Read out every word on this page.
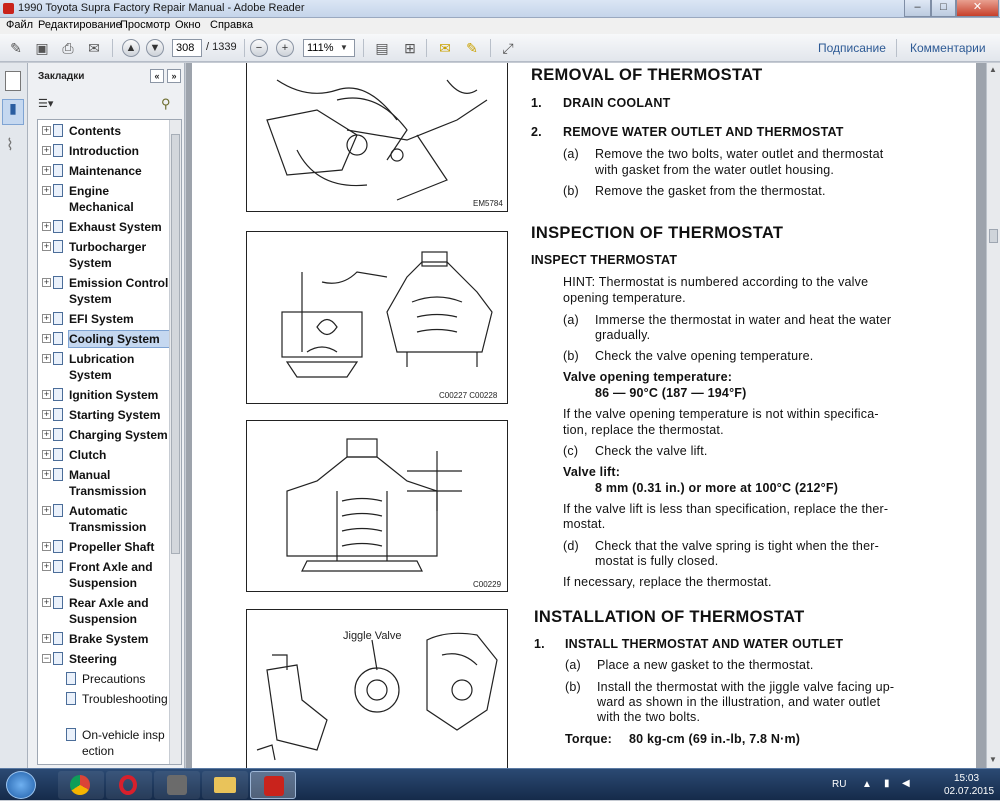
1990 Toyota Supra Factory Repair Manual - Adobe Reader	–	□	✕
Файл Редактирование
Просмотр Окно Справка
✎ ▣ ⎙	✉	▲	▼	308	/ 1339	−	+	111% ▼ ▤ ⊞ ✉ ✎	⤢	Подписание Комментарии
▮
⌇
Закладки	«	»
☰▾	⚲
+ Contents
+ Introduction
+ Maintenance
+ Engine Mechanical
+ Exhaust System
+ Turbocharger System
+ Emission Control System
+ EFI System
+ Cooling System
+ Lubrication System
+ Ignition System
+ Starting System
+ Charging System
+ Clutch
+ Manual Transmission
+ Automatic Transmission
+ Propeller Shaft
+ Front Axle and Suspension
+ Rear Axle and Suspension
+ Brake System
− Steering
Precautions
Troubleshooting
On-vehicle inspection
EM5784
C00227 C00228
C00229
Jiggle Valve
REMOVAL OF THERMOSTAT
1. DRAIN COOLANT
2. REMOVE WATER OUTLET AND THERMOSTAT
(a) Remove the two bolts, water outlet and thermostat
with gasket from the water outlet housing.
(b) Remove the gasket from the thermostat.
INSPECTION OF THERMOSTAT
INSPECT THERMOSTAT
HINT: Thermostat is numbered according to the valve
opening temperature.
(a) Immerse the thermostat in water and heat the water
gradually.
(b) Check the valve opening temperature.
Valve opening temperature:
86 — 90°C (187 — 194°F)
If the valve opening temperature is not within specifica-
tion, replace the thermostat.
(c) Check the valve lift.
Valve lift:
8 mm (0.31 in.) or more at 100°C (212°F)
If the valve lift is less than specification, replace the ther-
mostat.
(d) Check that the valve spring is tight when the ther-
mostat is fully closed.
If necessary, replace the thermostat.
INSTALLATION OF THERMOSTAT
1. INSTALL THERMOSTAT AND WATER OUTLET
(a) Place a new gasket to the thermostat.
(b) Install the thermostat with the jiggle valve facing up-
ward as shown in the illustration, and water outlet
with the two bolts.
Torque: 80 kg-cm (69 in.-lb, 7.8 N·m)
▲
▼
RU ▲ ▮ ◀	15:03
02.07.2015
